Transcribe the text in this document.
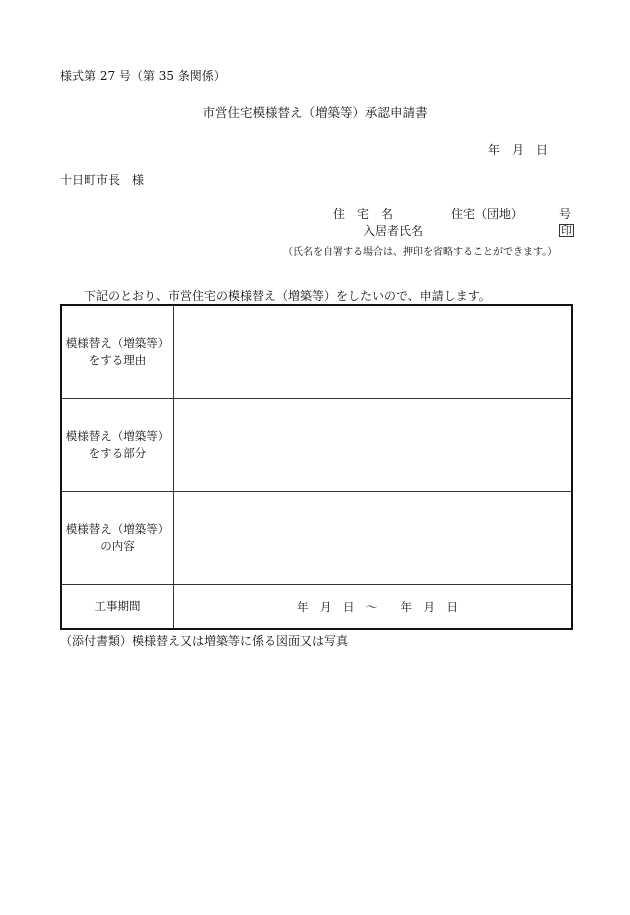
様式第 27 号（第 35 条関係）
市営住宅模様替え（増築等）承認申請書
年　月　日
十日町市長　様
住宅名	住宅（団地）	号
入居者氏名	印
（氏名を自署する場合は、押印を省略することができます。）
下記のとおり、市営住宅の模様替え（増築等）をしたいので、申請します。
模様替え（増築等）
をする理由	

模様替え（増築等）
をする部分	

模様替え（増築等）
の内容	

工事期間	年　月　日　～　　年　月　日
（添付書類）模様替え又は増築等に係る図面又は写真
